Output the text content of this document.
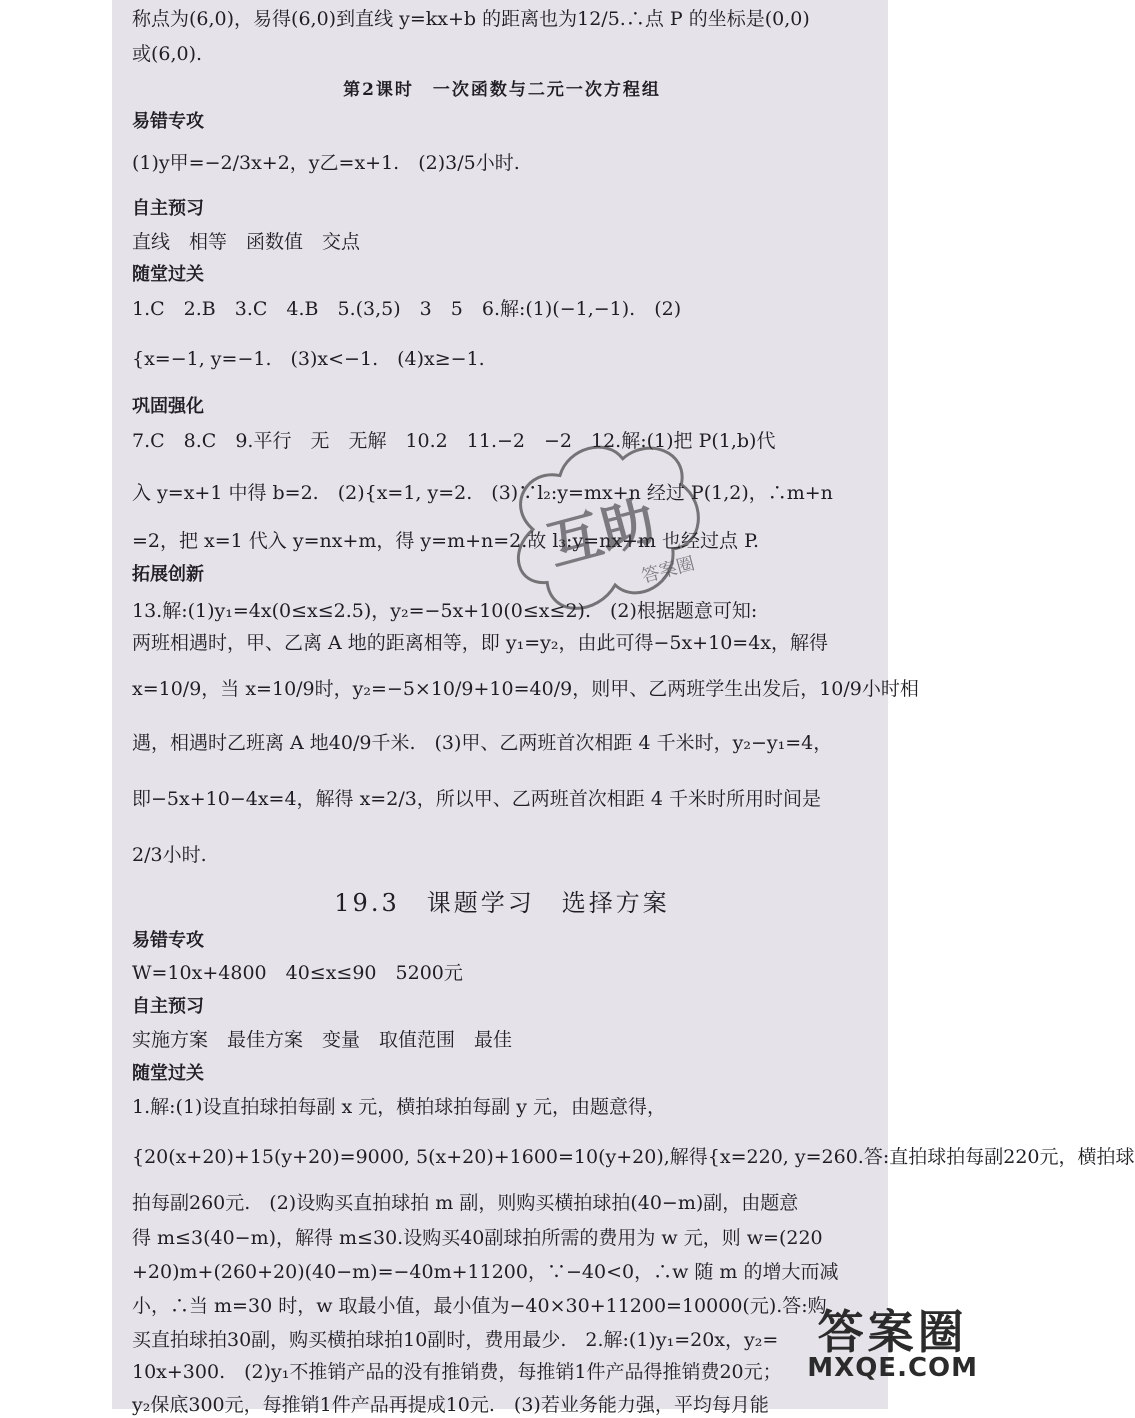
称点为(6,0)，易得(6,0)到直线 y=kx+b 的距离也为12/5.∴点 P 的坐标是(0,0)
或(6,0).
第2课时　一次函数与二元一次方程组
易错专攻
(1)y甲=−2/3x+2，y乙=x+1.　(2)3/5小时.
自主预习
直线　相等　函数值　交点
随堂过关
1.C　2.B　3.C　4.B　5.(3,5)　3　5　6.解:(1)(−1,−1).　(2)
{x=−1, y=−1.　(3)x<−1.　(4)x≥−1.
巩固强化
7.C　8.C　9.平行　无　无解　10.2　11.−2　−2　12.解:(1)把 P(1,b)代
入 y=x+1 中得 b=2.　(2){x=1, y=2.　(3)∵l₂:y=mx+n 经过 P(1,2)，∴m+n
=2，把 x=1 代入 y=nx+m，得 y=m+n=2.故 l₃:y=nx+m 也经过点 P.
拓展创新
13.解:(1)y₁=4x(0≤x≤2.5)，y₂=−5x+10(0≤x≤2).　(2)根据题意可知:
两班相遇时，甲、乙离 A 地的距离相等，即 y₁=y₂，由此可得−5x+10=4x，解得
x=10/9，当 x=10/9时，y₂=−5×10/9+10=40/9，则甲、乙两班学生出发后，10/9小时相
遇，相遇时乙班离 A 地40/9千米.　(3)甲、乙两班首次相距 4 千米时，y₂−y₁=4，
即−5x+10−4x=4，解得 x=2/3，所以甲、乙两班首次相距 4 千米时所用时间是
2/3小时.
19.3　课题学习　选择方案
易错专攻
W=10x+4800　40≤x≤90　5200元
自主预习
实施方案　最佳方案　变量　取值范围　最佳
随堂过关
1.解:(1)设直拍球拍每副 x 元，横拍球拍每副 y 元，由题意得，
{20(x+20)+15(y+20)=9000, 5(x+20)+1600=10(y+20),解得{x=220, y=260.答:直拍球拍每副220元，横拍球
拍每副260元.　(2)设购买直拍球拍 m 副，则购买横拍球拍(40−m)副，由题意
得 m≤3(40−m)，解得 m≤30.设购买40副球拍所需的费用为 w 元，则 w=(220
+20)m+(260+20)(40−m)=−40m+11200，∵−40<0，∴w 随 m 的增大而减
小，∴当 m=30 时，w 取最小值，最小值为−40×30+11200=10000(元).答:购
买直拍球拍30副，购买横拍球拍10副时，费用最少.　2.解:(1)y₁=20x，y₂=
10x+300.　(2)y₁不推销产品的没有推销费，每推销1件产品得推销费20元；
y₂保底300元，每推销1件产品再提成10元.　(3)若业务能力强，平均每月能
互助
答案圈
答案圈
MXQE.COM
